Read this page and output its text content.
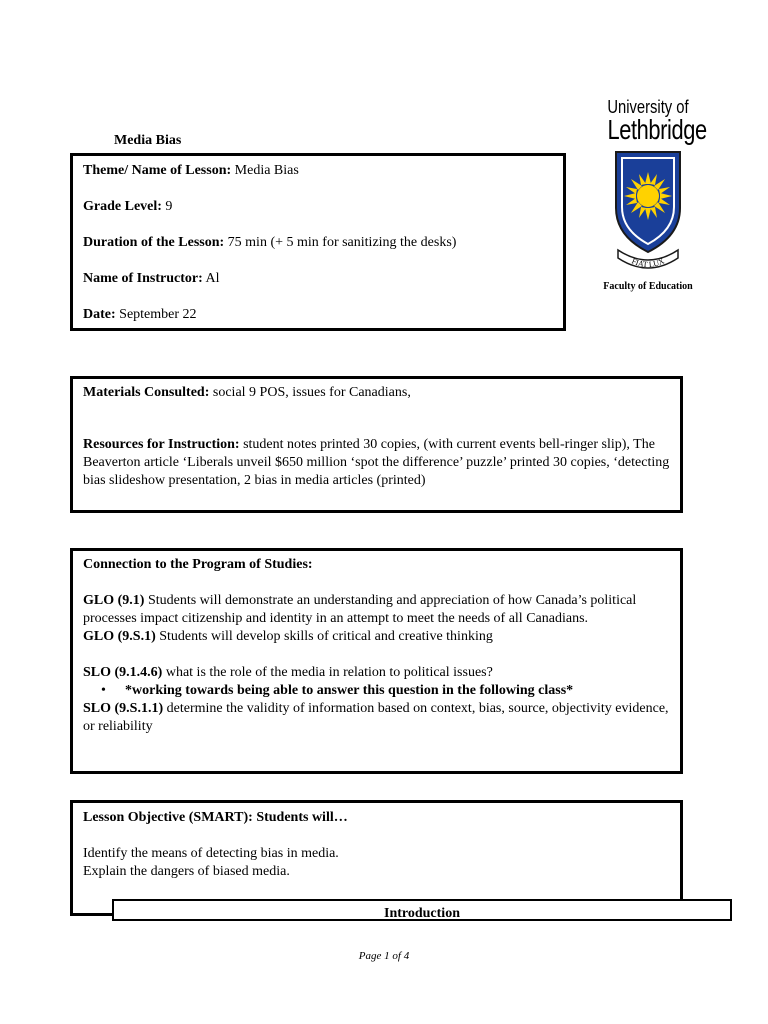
Media Bias
University of
Lethbridge
FIAT LUX
Faculty of Education
Theme/ Name of Lesson: Media Bias
Grade Level: 9
Duration of the Lesson: 75 min (+ 5 min for sanitizing the desks)
Name of Instructor: Al
Date: September 22

Materials Consulted: social 9 POS, issues for Canadians,

Resources for Instruction: student notes printed 30 copies, (with current events bell-ringer slip), The Beaverton article ‘Liberals unveil $650 million ‘spot the difference’ puzzle’ printed 30 copies, ‘detecting bias slideshow presentation, 2 bias in media articles (printed)

Connection to the Program of Studies:

GLO (9.1) Students will demonstrate an understanding and appreciation of how Canada’s political processes impact citizenship and identity in an attempt to meet the needs of all Canadians.

GLO (9.S.1) Students will develop skills of critical and creative thinking

SLO (9.1.4.6) what is the role of the media in relation to political issues?

•	*working towards being able to answer this question in the following class*

SLO (9.S.1.1) determine the validity of information based on context, bias, source, objectivity evidence, or reliability

Lesson Objective (SMART): Students will…

Identify the means of detecting bias in media.

Explain the dangers of biased media.

Introduction
Page 1 of 4
